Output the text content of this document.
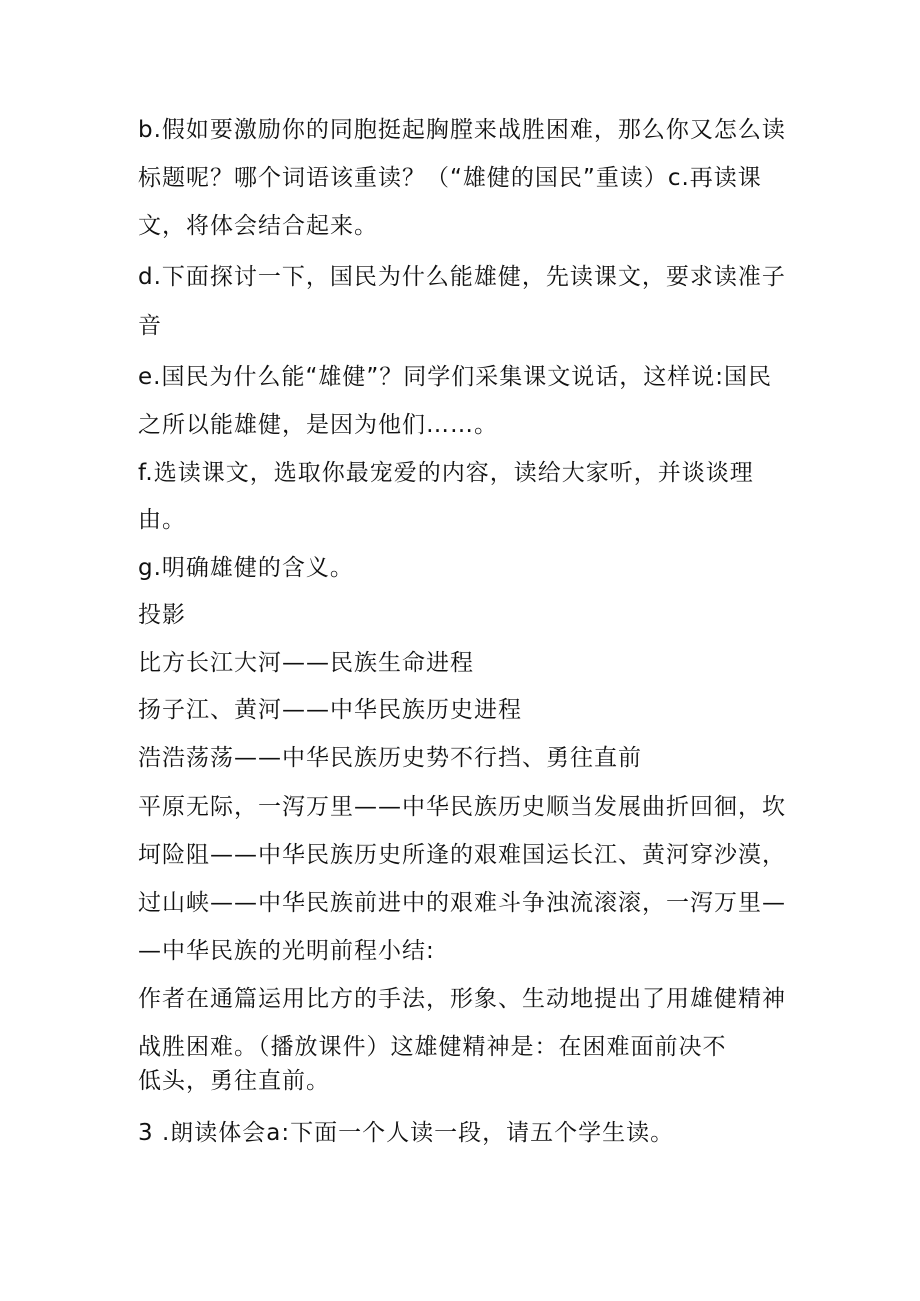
b.假如要激励你的同胞挺起胸膛来战胜困难，那么你又怎么读
标题呢？哪个词语该重读？（“雄健的国民”重读）c.再读课
文，将体会结合起来。
d.下面探讨一下，国民为什么能雄健，先读课文，要求读准子
音
e.国民为什么能“雄健”？同学们采集课文说话，这样说:国民
之所以能雄健，是因为他们……。
f.选读课文，选取你最宠爱的内容，读给大家听，并谈谈理
由。
g.明确雄健的含义。
投影
比方长江大河——民族生命进程
扬子江、黄河——中华民族历史进程
浩浩荡荡——中华民族历史势不行挡、勇往直前
平原无际，一泻万里——中华民族历史顺当发展曲折回徊，坎
坷险阻——中华民族历史所逢的艰难国运长江、黄河穿沙漠，
过山峡——中华民族前进中的艰难斗争浊流滚滚，一泻万里—
—中华民族的光明前程小结:
作者在通篇运用比方的手法，形象、生动地提出了用雄健精神
战胜困难。（播放课件）这雄健精神是：在困难面前决不
低头，勇往直前。
3 .朗读体会a:下面一个人读一段，请五个学生读。
